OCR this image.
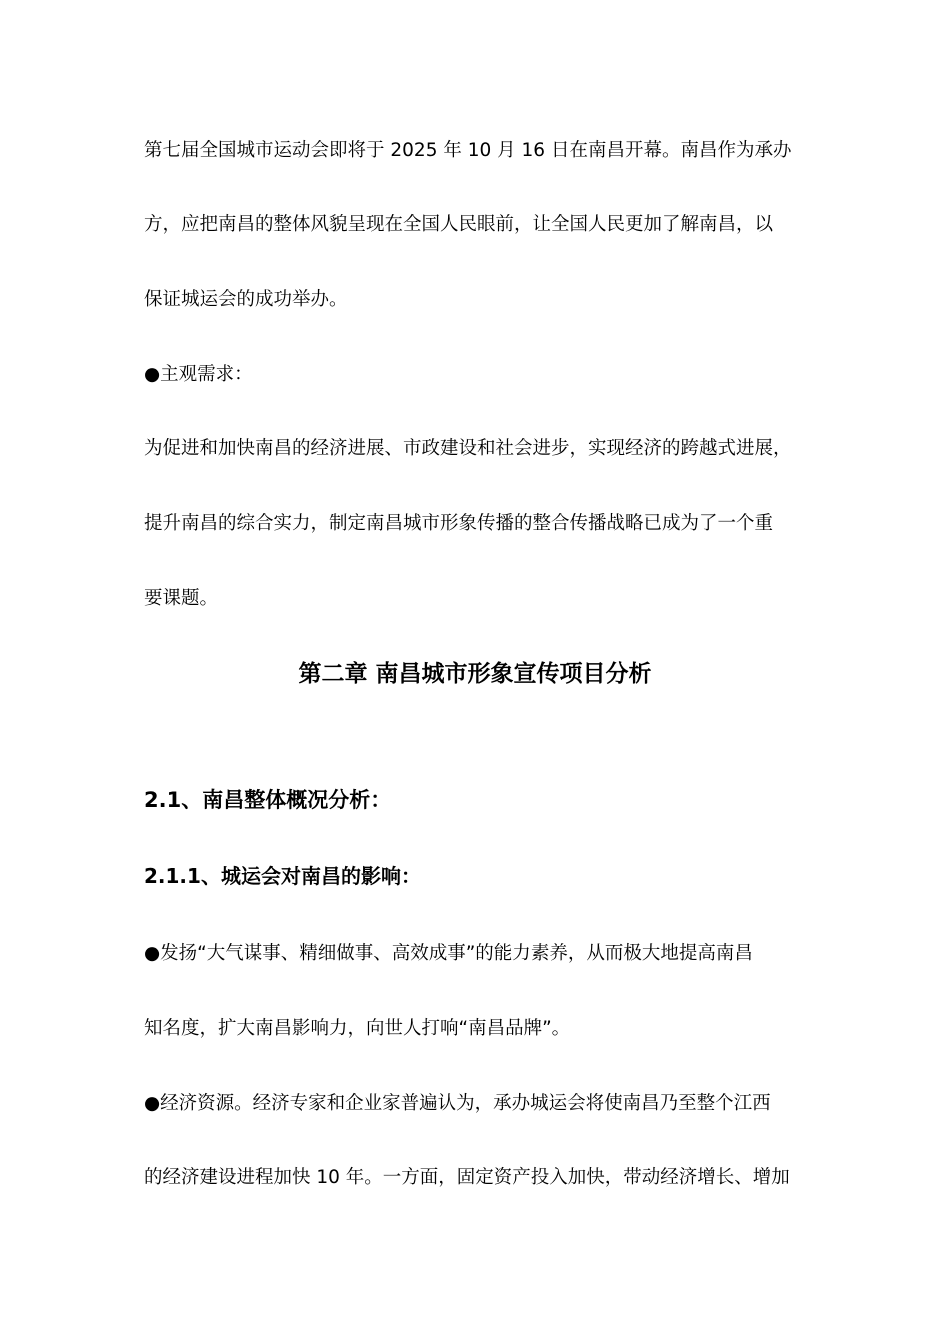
第七届全国城市运动会即将于 2025 年 10 月 16 日在南昌开幕。南昌作为承办
方，应把南昌的整体风貌呈现在全国人民眼前，让全国人民更加了解南昌，以
保证城运会的成功举办。
●主观需求：
为促进和加快南昌的经济进展、市政建设和社会进步，实现经济的跨越式进展，
提升南昌的综合实力，制定南昌城市形象传播的整合传播战略已成为了一个重
要课题。
第二章 南昌城市形象宣传项目分析
2.1、南昌整体概况分析：
2.1.1、城运会对南昌的影响：
●发扬“大气谋事、精细做事、高效成事”的能力素养，从而极大地提高南昌
知名度，扩大南昌影响力，向世人打响“南昌品牌”。
●经济资源。经济专家和企业家普遍认为，承办城运会将使南昌乃至整个江西
的经济建设进程加快 10 年。一方面，固定资产投入加快，带动经济增长、增加
